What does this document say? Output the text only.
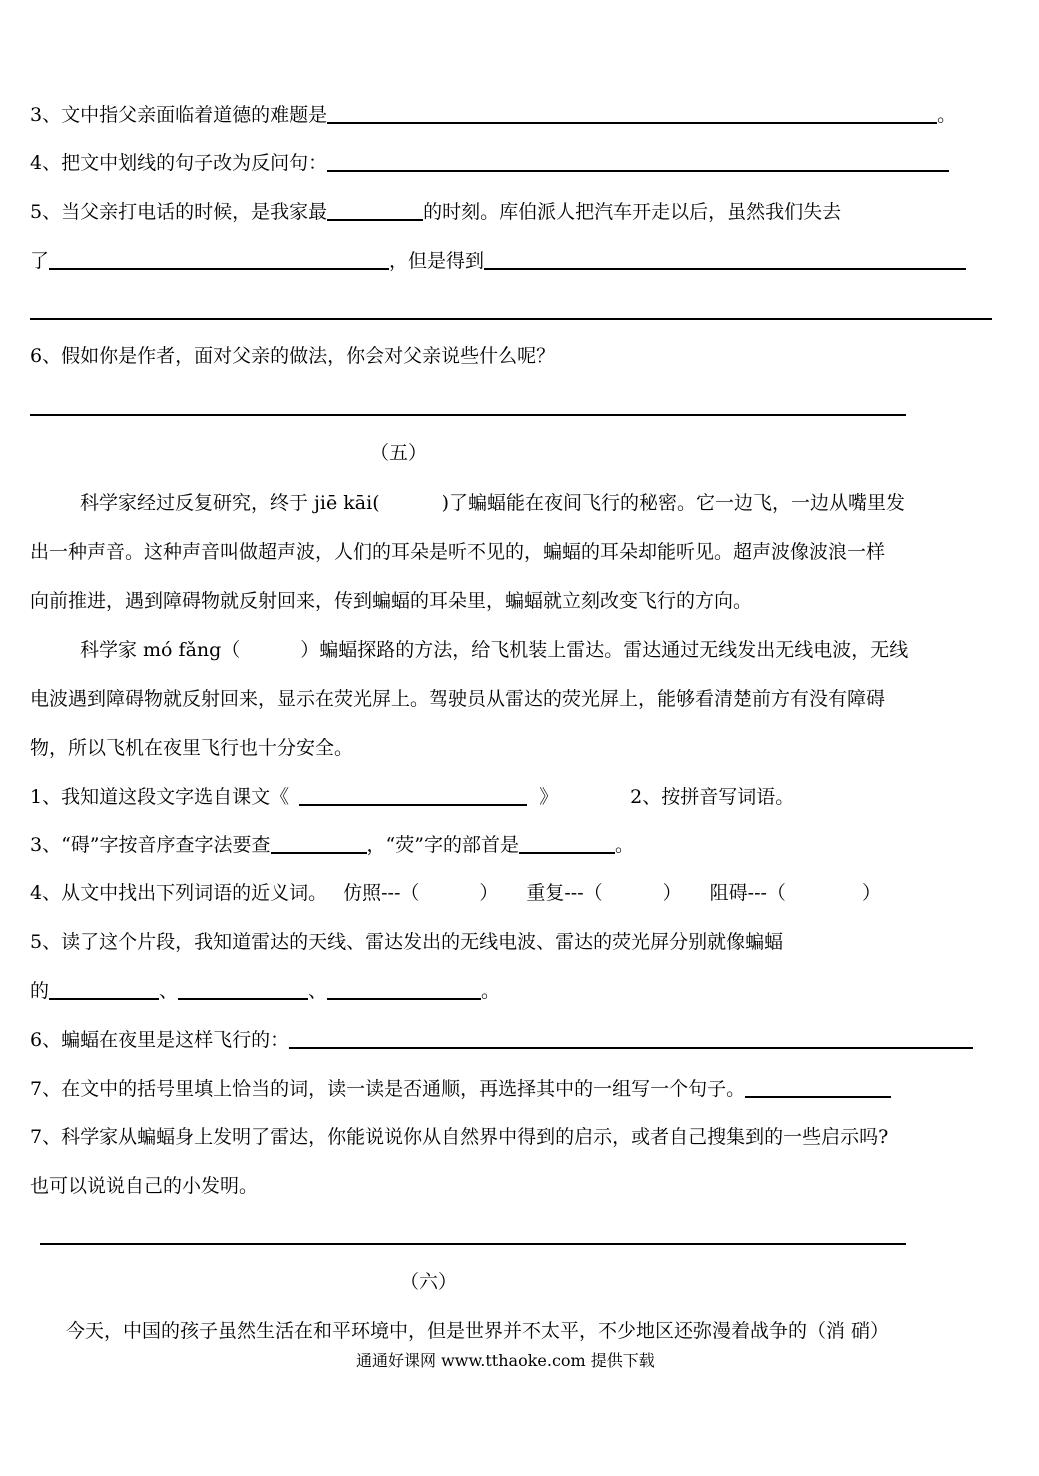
3、文中指父亲面临着道德的难题是	。
4、把文中划线的句子改为反问句：
5、当父亲打电话的时候，是我家最	的时刻。库伯派人把汽车开走以后，虽然我们失去
了	，但是得到
6、假如你是作者，面对父亲的做法，你会对父亲说些什么呢？
（五）
科学家经过反复研究，终于 jiē kāi(	)了蝙蝠能在夜间飞行的秘密。它一边飞，一边从嘴里发
出一种声音。这种声音叫做超声波，人们的耳朵是听不见的，蝙蝠的耳朵却能听见。超声波像波浪一样
向前推进，遇到障碍物就反射回来，传到蝙蝠的耳朵里，蝙蝠就立刻改变飞行的方向。
科学家 mó fǎng（	）蝙蝠探路的方法，给飞机装上雷达。雷达通过无线发出无线电波，无线
电波遇到障碍物就反射回来，显示在荧光屏上。驾驶员从雷达的荧光屏上，能够看清楚前方有没有障碍
物，所以飞机在夜里飞行也十分安全。
1、我知道这段文字选自课文《	》	2、按拼音写词语。
3、“碍”字按音序查字法要查	，“荧”字的部首是	。
4、从文中找出下列词语的近义词。 仿照---（	） 重复---（	） 阻碍---（	）
5、读了这个片段，我知道雷达的天线、雷达发出的无线电波、雷达的荧光屏分别就像蝙蝠
的	、	、	。
6、蝙蝠在夜里是这样飞行的：
7、在文中的括号里填上恰当的词，读一读是否通顺，再选择其中的一组写一个句子。
7、科学家从蝙蝠身上发明了雷达，你能说说你从自然界中得到的启示，或者自己搜集到的一些启示吗?
也可以说说自己的小发明。
（六）
今天，中国的孩子虽然生活在和平环境中，但是世界并不太平，不少地区还弥漫着战争的（消 硝）
通通好课网 www.tthaoke.com 提供下载
